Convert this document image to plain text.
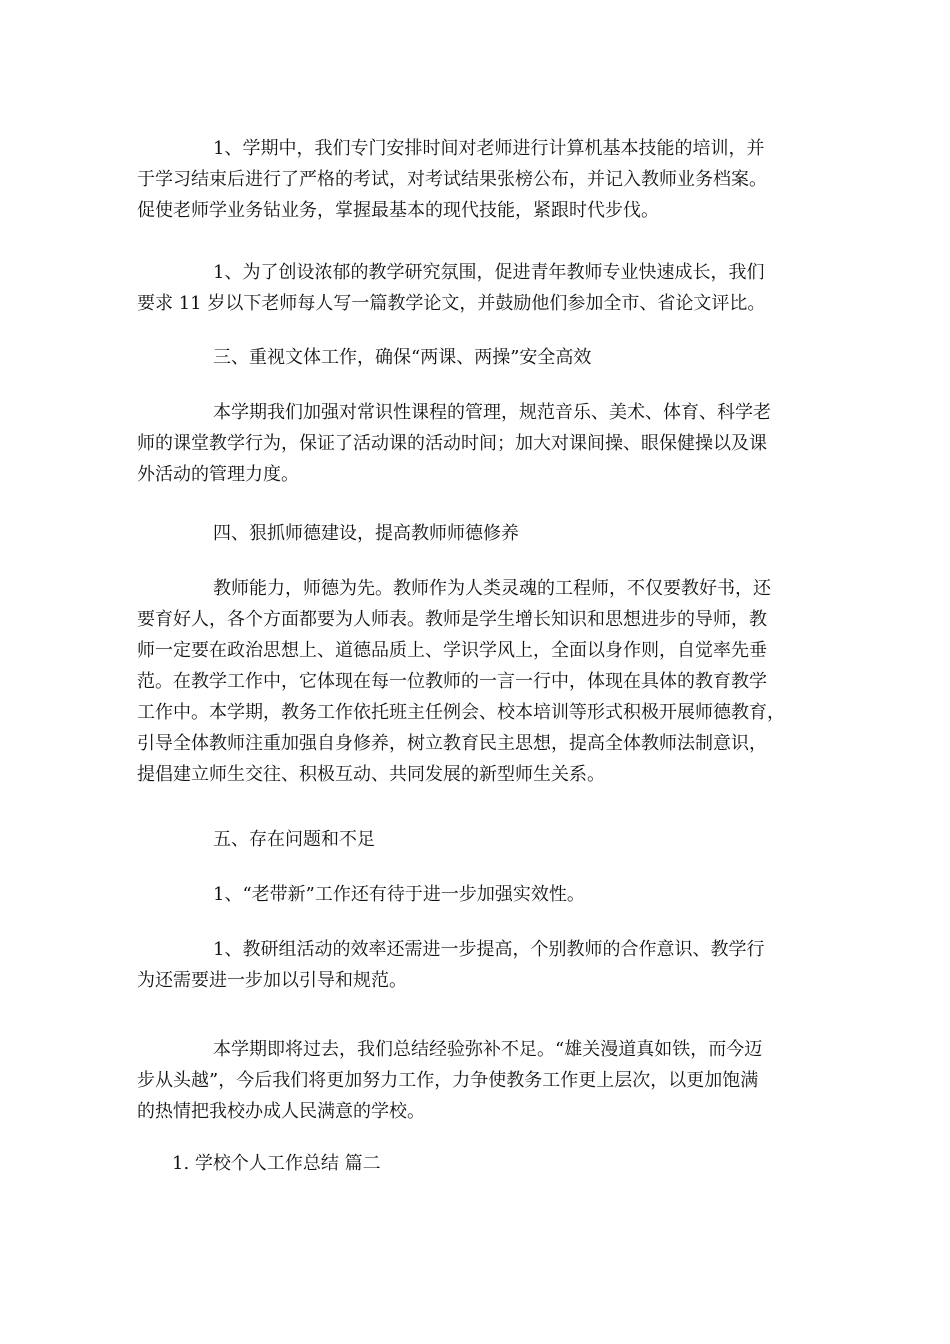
1、学期中，我们专门安排时间对老师进行计算机基本技能的培训，并
于学习结束后进行了严格的考试，对考试结果张榜公布，并记入教师业务档案。
促使老师学业务钻业务，掌握最基本的现代技能，紧跟时代步伐。

1、为了创设浓郁的教学研究氛围，促进青年教师专业快速成长，我们
要求 11 岁以下老师每人写一篇教学论文，并鼓励他们参加全市、省论文评比。

三、重视文体工作，确保“两课、两操”安全高效

本学期我们加强对常识性课程的管理，规范音乐、美术、体育、科学老
师的课堂教学行为，保证了活动课的活动时间；加大对课间操、眼保健操以及课
外活动的管理力度。

四、狠抓师德建设，提高教师师德修养

教师能力，师德为先。教师作为人类灵魂的工程师，不仅要教好书，还
要育好人，各个方面都要为人师表。教师是学生增长知识和思想进步的导师，教
师一定要在政治思想上、道德品质上、学识学风上，全面以身作则，自觉率先垂
范。在教学工作中，它体现在每一位教师的一言一行中，体现在具体的教育教学
工作中。本学期，教务工作依托班主任例会、校本培训等形式积极开展师德教育，
引导全体教师注重加强自身修养，树立教育民主思想，提高全体教师法制意识，
提倡建立师生交往、积极互动、共同发展的新型师生关系。

五、存在问题和不足

1、“老带新”工作还有待于进一步加强实效性。

1、教研组活动的效率还需进一步提高，个别教师的合作意识、教学行
为还需要进一步加以引导和规范。

本学期即将过去，我们总结经验弥补不足。“雄关漫道真如铁，而今迈
步从头越”，今后我们将更加努力工作，力争使教务工作更上层次，以更加饱满
的热情把我校办成人民满意的学校。

1. 学校个人工作总结 篇二
